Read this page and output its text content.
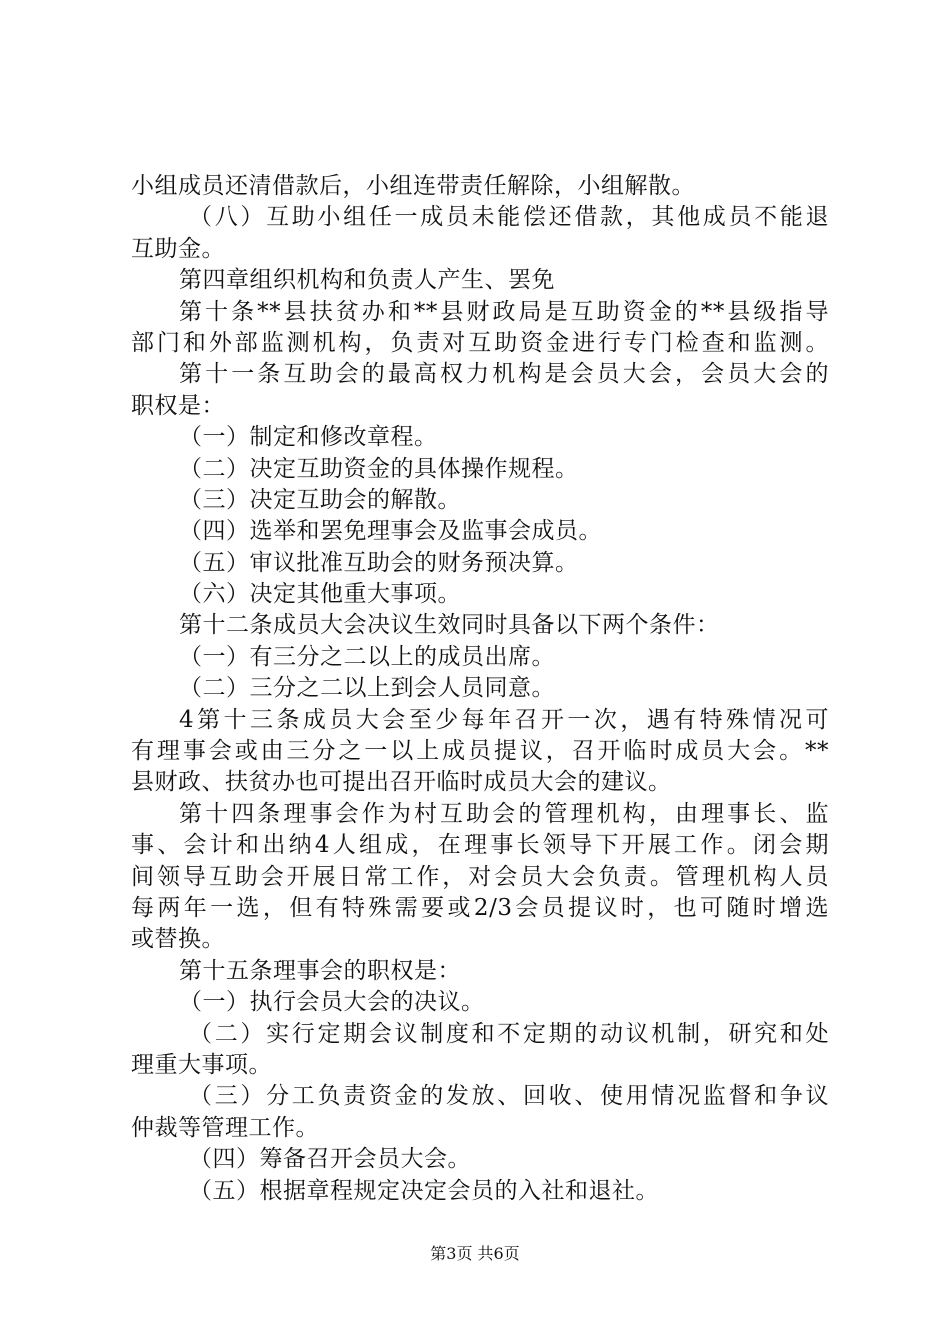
小组成员还清借款后，小组连带责任解除，小组解散。
（八）互助小组任一成员未能偿还借款，其他成员不能退
互助金。
第四章组织机构和负责人产生、罢免
第十条**县扶贫办和**县财政局是互助资金的**县级指导
部门和外部监测机构，负责对互助资金进行专门检查和监测。
第十一条互助会的最高权力机构是会员大会，会员大会的
职权是：
（一）制定和修改章程。
（二）决定互助资金的具体操作规程。
（三）决定互助会的解散。
（四）选举和罢免理事会及监事会成员。
（五）审议批准互助会的财务预决算。
（六）决定其他重大事项。
第十二条成员大会决议生效同时具备以下两个条件：
（一）有三分之二以上的成员出席。
（二）三分之二以上到会人员同意。
4第十三条成员大会至少每年召开一次，遇有特殊情况可
有理事会或由三分之一以上成员提议，召开临时成员大会。**
县财政、扶贫办也可提出召开临时成员大会的建议。
第十四条理事会作为村互助会的管理机构，由理事长、监
事、会计和出纳4人组成，在理事长领导下开展工作。闭会期
间领导互助会开展日常工作，对会员大会负责。管理机构人员
每两年一选，但有特殊需要或2/3会员提议时，也可随时增选
或替换。
第十五条理事会的职权是：
（一）执行会员大会的决议。
（二）实行定期会议制度和不定期的动议机制，研究和处
理重大事项。
（三）分工负责资金的发放、回收、使用情况监督和争议
仲裁等管理工作。
（四）筹备召开会员大会。
（五）根据章程规定决定会员的入社和退社。
第3页 共6页
